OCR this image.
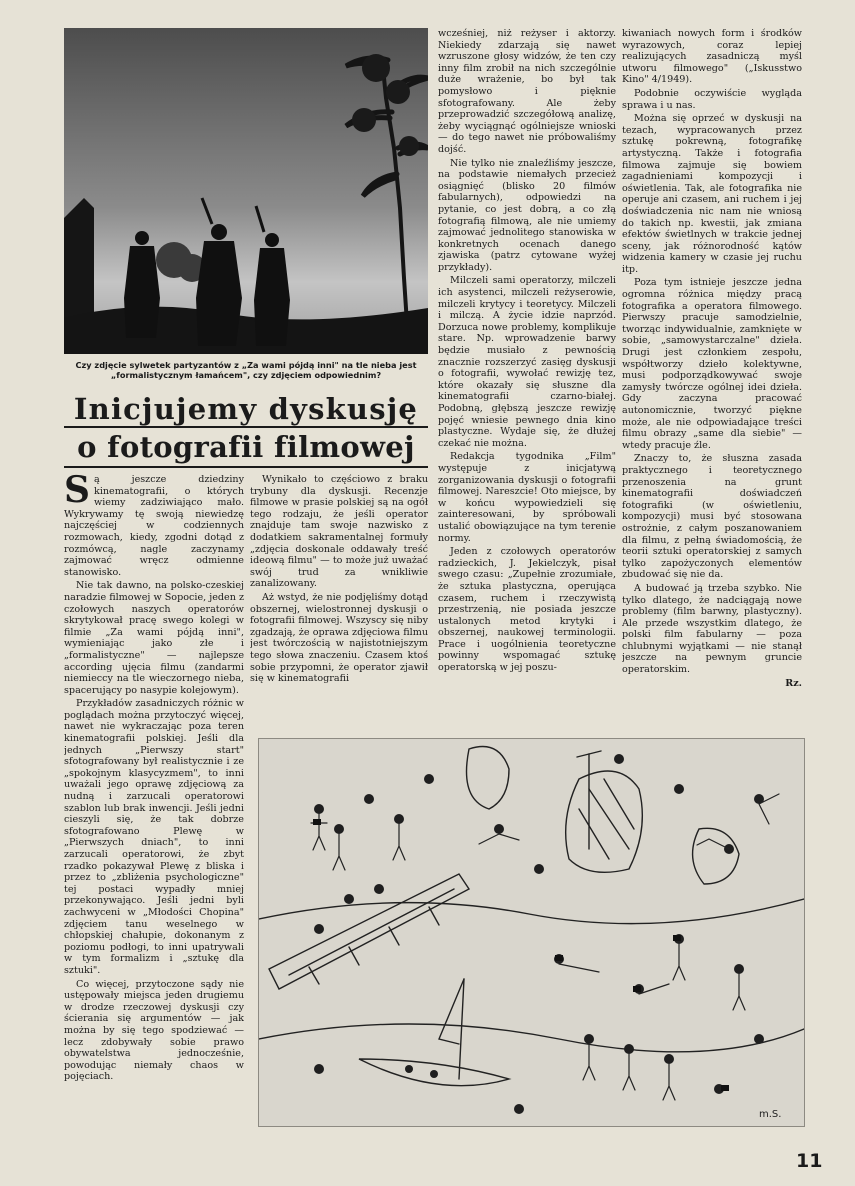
Czy zdjęcie sylwetek partyzantów z „Za wami pójdą inni" na tle nieba jest „formalistycznym łamańcem", czy zdjęciem odpowiednim?
Inicjujemy dyskusję
o fotografii filmowej

Są jeszcze dziedziny kinematografii, o których wiemy zadziwiająco mało. Wykrywamy tę swoją niewiedzę najczęściej w codziennych rozmowach, kiedy, zgodni dotąd z rozmówcą, nagle zaczynamy zajmować wręcz odmienne stanowisko.

Nie tak dawno, na polsko-czeskiej naradzie filmowej w Sopocie, jeden z czołowych naszych operatorów skrytykował pracę swego kolegi w filmie „Za wami pójdą inni", wymieniając jako złe i „formalistyczne" — najlepsze according ujęcia filmu (zandarmi niemieccy na tle wieczornego nieba, spacerujący po nasypie kolejowym).

Przykładów zasadniczych różnic w poglądach można przytoczyć więcej, nawet nie wykraczając poza teren kinematografii polskiej. Jeśli dla jednych „Pierwszy start" sfotografowany był realistycznie i ze „spokojnym klasycyzmem", to inni uważali jego oprawę zdjęciową za nudną i zarzucali operatorowi szablon lub brak inwencji. Jeśli jedni cieszyli się, że tak dobrze sfotografowano Plewę w „Pierwszych dniach", to inni zarzucali operatorowi, że zbyt rzadko pokazywał Plewę z bliska i przez to „zbliżenia psychologiczne" tej postaci wypadły mniej przekonywająco. Jeśli jedni byli zachwyceni w „Młodości Chopina" zdjęciem tanu weselnego w chłopskiej chałupie, dokonanym z poziomu podłogi, to inni upatrywali w tym formalizm i „sztukę dla sztuki".

Co więcej, przytoczone sądy nie ustępowały miejsca jeden drugiemu w drodze rzeczowej dyskusji czy ścierania się argumentów — jak można by się tego spodziewać — lecz zdobywały sobie prawo obywatelstwa jednocześnie, powodując niemały chaos w pojęciach.

Wynikało to częściowo z braku trybuny dla dyskusji. Recenzje filmowe w prasie polskiej są na ogół tego rodzaju, że jeśli operator znajduje tam swoje nazwisko z dodatkiem sakramentalnej formuły „zdjęcia doskonale oddawały treść ideową filmu" — to może już uważać swój trud za wnikliwie zanalizowany.

Aż wstyd, że nie podjęliśmy dotąd obszernej, wielostronnej dyskusji o fotografii filmowej. Wszyscy się niby zgadzają, że oprawa zdjęciowa filmu jest twórczością w najistotniejszym tego słowa znaczeniu. Czasem ktoś sobie przypomni, że operator zjawił się w kinematografii

wcześniej, niż reżyser i aktorzy. Niekiedy zdarzają się nawet wzruszone głosy widzów, że ten czy inny film zrobił na nich szczególnie duże wrażenie, bo był tak pomysłowo i pięknie sfotografowany. Ale żeby przeprowadzić szczegółową analizę, żeby wyciągnąć ogólniejsze wnioski — do tego nawet nie próbowaliśmy dojść.

Nie tylko nie znaleźliśmy jeszcze, na podstawie niemałych przecież osiągnięć (blisko 20 filmów fabularnych), odpowiedzi na pytanie, co jest dobrą, a co złą fotografią filmową, ale nie umiemy zajmować jednolitego stanowiska w konkretnych ocenach danego zjawiska (patrz cytowane wyżej przykłady).

Milczeli sami operatorzy, milczeli ich asystenci, milczeli reżyserowie, milczeli krytycy i teoretycy. Milczeli i milczą. A życie idzie naprzód. Dorzuca nowe problemy, komplikuje stare. Np. wprowadzenie barwy będzie musiało z pewnością znacznie rozszerzyć zasięg dyskusji o fotografii, wywołać rewizję tez, które okazały się słuszne dla kinematografii czarno-białej. Podobną, głębszą jeszcze rewizję pojęć wniesie pewnego dnia kino plastyczne. Wydaje się, że dłużej czekać nie można.

Redakcja tygodnika „Film" występuje z inicjatywą zorganizowania dyskusji o fotografii filmowej. Nareszcie! Oto miejsce, by w końcu wypowiedzieli się zainteresowani, by spróbowali ustalić obowiązujące na tym terenie normy.

Jeden z czołowych operatorów radzieckich, J. Jekielczyk, pisał swego czasu: „Zupełnie zrozumiałe, że sztuka plastyczna, operująca czasem, ruchem i rzeczywistą przestrzenią, nie posiada jeszcze ustalonych metod krytyki i obszernej, naukowej terminologii. Prace i uogólnienia teoretyczne powinny wspomagać sztukę operatorską w jej poszu-

kiwaniach nowych form i środków wyrazowych, coraz lepiej realizujących zasadniczą myśl utworu filmowego" („Iskusstwo Kino" 4/1949).

Podobnie oczywiście wygląda sprawa i u nas.

Można się oprzeć w dyskusji na tezach, wypracowanych przez sztukę pokrewną, fotografikę artystyczną. Także i fotografia filmowa zajmuje się bowiem zagadnieniami kompozycji i oświetlenia. Tak, ale fotografika nie operuje ani czasem, ani ruchem i jej doświadczenia nic nam nie wniosą do takich np. kwestii, jak zmiana efektów świetlnych w trakcie jednej sceny, jak różnorodność kątów widzenia kamery w czasie jej ruchu itp.

Poza tym istnieje jeszcze jedna ogromna różnica między pracą fotografika a operatora filmowego. Pierwszy pracuje samodzielnie, tworząc indywidualnie, zamknięte w sobie, „samowystarczalne" dzieła. Drugi jest członkiem zespołu, współtworzy dzieło kolektywne, musi podporządkowywać swoje zamysły twórcze ogólnej idei dzieła. Gdy zaczyna pracować autonomicznie, tworzyć piękne może, ale nie odpowiadające treści filmu obrazy „same dla siebie" — wtedy pracuje źle.

Znaczy to, że słuszna zasada praktycznego i teoretycznego przenoszenia na grunt kinematografii doświadczeń fotografiki (w oświetleniu, kompozycji) musi być stosowana ostrożnie, z całym poszanowaniem dla filmu, z pełną świadomością, że teorii sztuki operatorskiej z samych tylko zapożyczonych elementów zbudować się nie da.

A budować ją trzeba szybko. Nie tylko dlatego, że nadciągają nowe problemy (film barwny, plastyczny). Ale przede wszystkim dlatego, że polski film fabularny — poza chlubnymi wyjątkami — nie stanął jeszcze na pewnym gruncie operatorskim.

Rz.

m.S.
11
